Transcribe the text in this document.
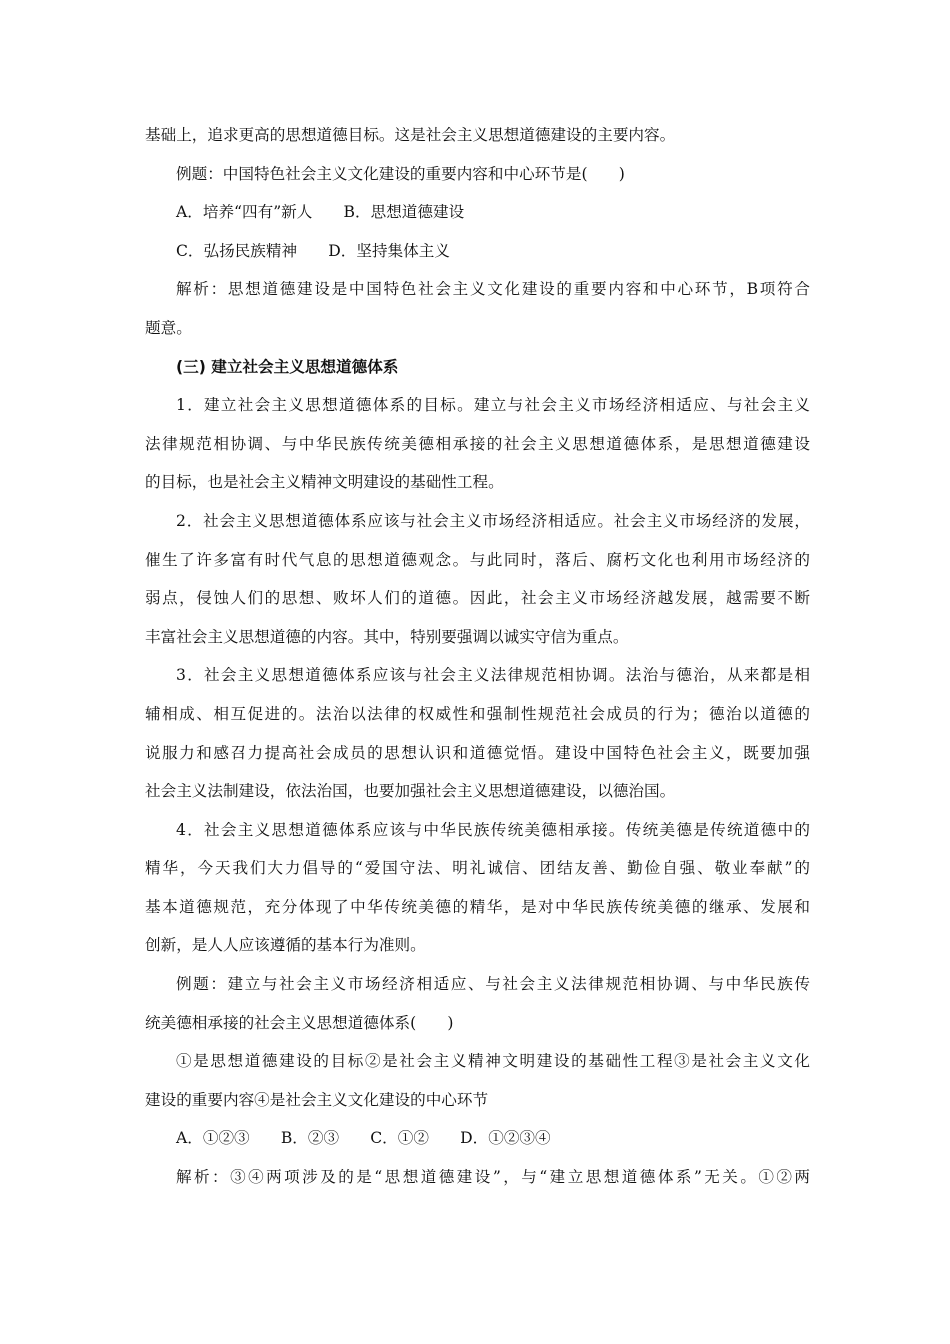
基础上，追求更高的思想道德目标。这是社会主义思想道德建设的主要内容。
例题：中国特色社会主义文化建设的重要内容和中心环节是(　　)
A．培养“四有”新人　　B．思想道德建设
C．弘扬民族精神　　D．坚持集体主义
解析：思想道德建设是中国特色社会主义文化建设的重要内容和中心环节，B项符合
题意。
(三) 建立社会主义思想道德体系
1．建立社会主义思想道德体系的目标。建立与社会主义市场经济相适应、与社会主义
法律规范相协调、与中华民族传统美德相承接的社会主义思想道德体系，是思想道德建设
的目标，也是社会主义精神文明建设的基础性工程。
2．社会主义思想道德体系应该与社会主义市场经济相适应。社会主义市场经济的发展，
催生了许多富有时代气息的思想道德观念。与此同时，落后、腐朽文化也利用市场经济的
弱点，侵蚀人们的思想、败坏人们的道德。因此，社会主义市场经济越发展，越需要不断
丰富社会主义思想道德的内容。其中，特别要强调以诚实守信为重点。
3．社会主义思想道德体系应该与社会主义法律规范相协调。法治与德治，从来都是相
辅相成、相互促进的。法治以法律的权威性和强制性规范社会成员的行为；德治以道德的
说服力和感召力提高社会成员的思想认识和道德觉悟。建设中国特色社会主义，既要加强
社会主义法制建设，依法治国，也要加强社会主义思想道德建设，以德治国。
4．社会主义思想道德体系应该与中华民族传统美德相承接。传统美德是传统道德中的
精华，今天我们大力倡导的“爱国守法、明礼诚信、团结友善、勤俭自强、敬业奉献”的
基本道德规范，充分体现了中华传统美德的精华，是对中华民族传统美德的继承、发展和
创新，是人人应该遵循的基本行为准则。
例题：建立与社会主义市场经济相适应、与社会主义法律规范相协调、与中华民族传
统美德相承接的社会主义思想道德体系(　　)
①是思想道德建设的目标②是社会主义精神文明建设的基础性工程③是社会主义文化
建设的重要内容④是社会主义文化建设的中心环节
A．①②③　　B．②③　　C．①②　　D．①②③④
解析：③④两项涉及的是“思想道德建设”，与“建立思想道德体系”无关。①②两
